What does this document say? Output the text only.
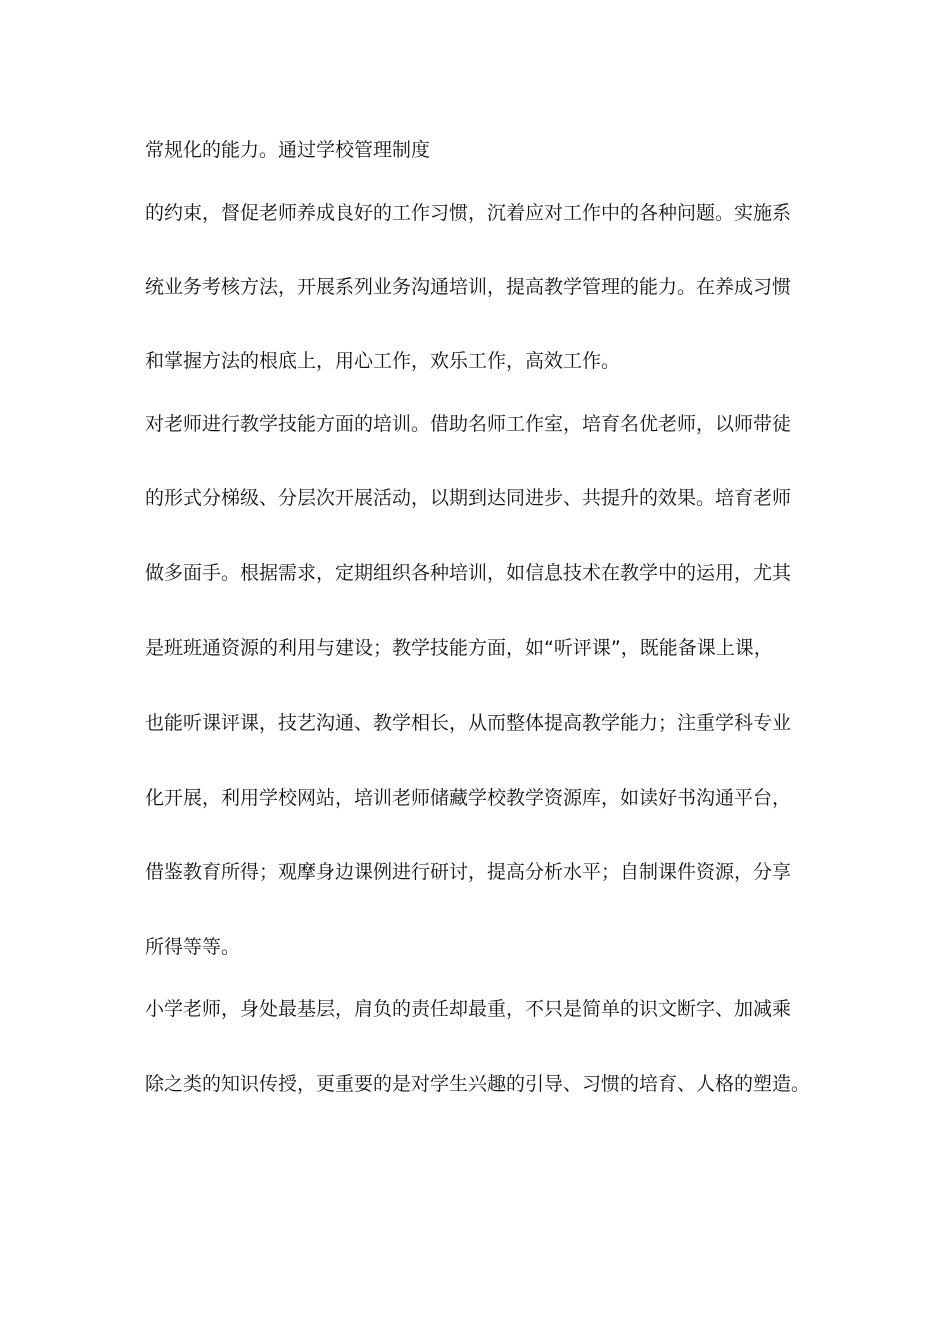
常规化的能力。通过学校管理制度
的约束，督促老师养成良好的工作习惯，沉着应对工作中的各种问题。实施系
统业务考核方法，开展系列业务沟通培训，提高教学管理的能力。在养成习惯
和掌握方法的根底上，用心工作，欢乐工作，高效工作。
对老师进行教学技能方面的培训。借助名师工作室，培育名优老师，以师带徒
的形式分梯级、分层次开展活动，以期到达同进步、共提升的效果。培育老师
做多面手。根据需求，定期组织各种培训，如信息技术在教学中的运用，尤其
是班班通资源的利用与建设；教学技能方面，如“听评课”，既能备课上课，
也能听课评课，技艺沟通、教学相长，从而整体提高教学能力；注重学科专业
化开展，利用学校网站，培训老师储藏学校教学资源库，如读好书沟通平台，
借鉴教育所得；观摩身边课例进行研讨，提高分析水平；自制课件资源，分享
所得等等。
小学老师，身处最基层，肩负的责任却最重，不只是简单的识文断字、加减乘
除之类的知识传授，更重要的是对学生兴趣的引导、习惯的培育、人格的塑造。
